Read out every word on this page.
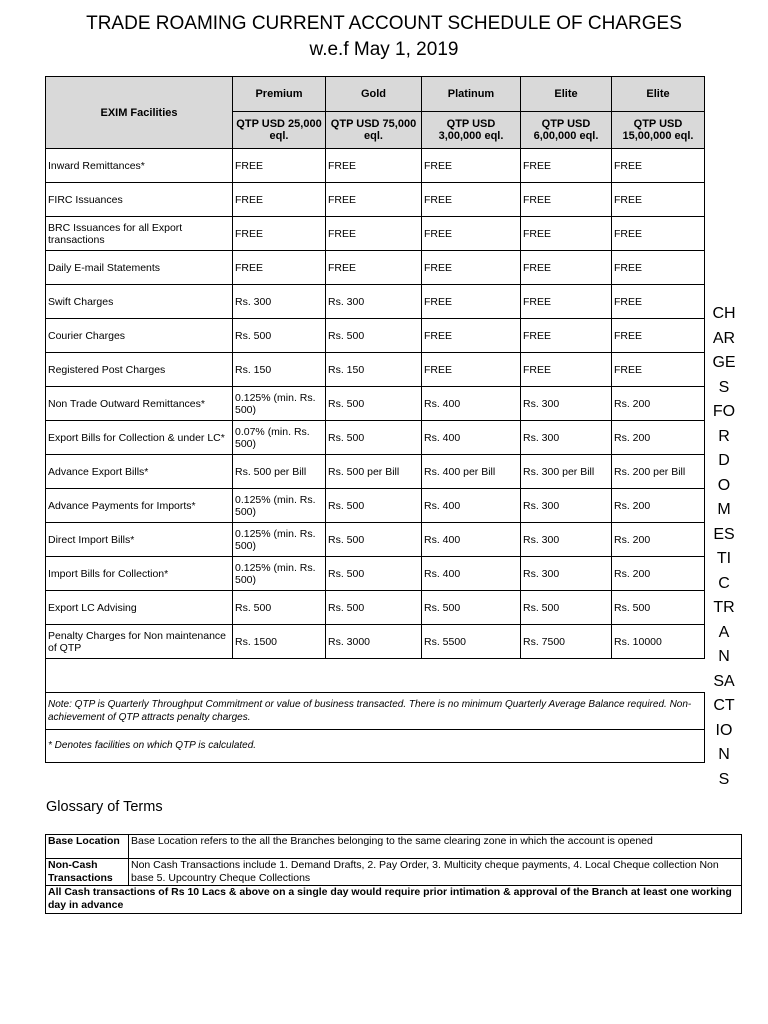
TRADE ROAMING CURRENT ACCOUNT SCHEDULE OF CHARGES
w.e.f May 1, 2019
EXIM Facilities	Premium	Gold	Platinum	Elite	Elite
	QTP USD 25,000 eql.	QTP USD 75,000 eql.	QTP USD 3,00,000 eql.	QTP USD 6,00,000 eql.	QTP USD 15,00,000 eql.
Inward Remittances*	FREE	FREE	FREE	FREE	FREE
FIRC Issuances	FREE	FREE	FREE	FREE	FREE
BRC Issuances for all Export transactions	FREE	FREE	FREE	FREE	FREE
Daily E-mail Statements	FREE	FREE	FREE	FREE	FREE
Swift Charges	Rs. 300	Rs. 300	FREE	FREE	FREE
Courier Charges	Rs. 500	Rs. 500	FREE	FREE	FREE
Registered Post Charges	Rs. 150	Rs. 150	FREE	FREE	FREE
Non Trade Outward Remittances*	0.125% (min. Rs. 500)	Rs. 500	Rs. 400	Rs. 300	Rs. 200
Export Bills for Collection & under LC*	0.07% (min. Rs. 500)	Rs. 500	Rs. 400	Rs. 300	Rs. 200
Advance Export Bills*	Rs. 500 per Bill	Rs. 500 per Bill	Rs. 400 per Bill	Rs. 300 per Bill	Rs. 200 per Bill
Advance Payments for Imports*	0.125% (min. Rs. 500)	Rs. 500	Rs. 400	Rs. 300	Rs. 200
Direct Import Bills*	0.125% (min. Rs. 500)	Rs. 500	Rs. 400	Rs. 300	Rs. 200
Import Bills for Collection*	0.125% (min. Rs. 500)	Rs. 500	Rs. 400	Rs. 300	Rs. 200
Export LC Advising	Rs. 500	Rs. 500	Rs. 500	Rs. 500	Rs. 500
Penalty Charges for Non maintenance of QTP	Rs. 1500	Rs. 3000	Rs. 5500	Rs. 7500	Rs. 10000

Note: QTP is Quarterly Throughput Commitment or value of business transacted. There is no minimum Quarterly Average Balance required. Non-achievement of QTP attracts penalty charges.					
* Denotes facilities on which QTP is calculated.					
CH
AR
GE
S
FO
R
D
O
M
ES
TI
C
TR
A
N
SA
CT
IO
N
S
Glossary of Terms
Base Location	Base Location refers to the all the Branches belonging to the same clearing zone in which the account is opened
Non-Cash Transactions	Non Cash Transactions include 1. Demand Drafts, 2. Pay Order, 3. Multicity cheque payments, 4. Local Cheque collection Non base 5. Upcountry Cheque Collections
All Cash transactions of Rs 10 Lacs & above on a single day would require prior intimation & approval of the Branch at least one working day in advance	
